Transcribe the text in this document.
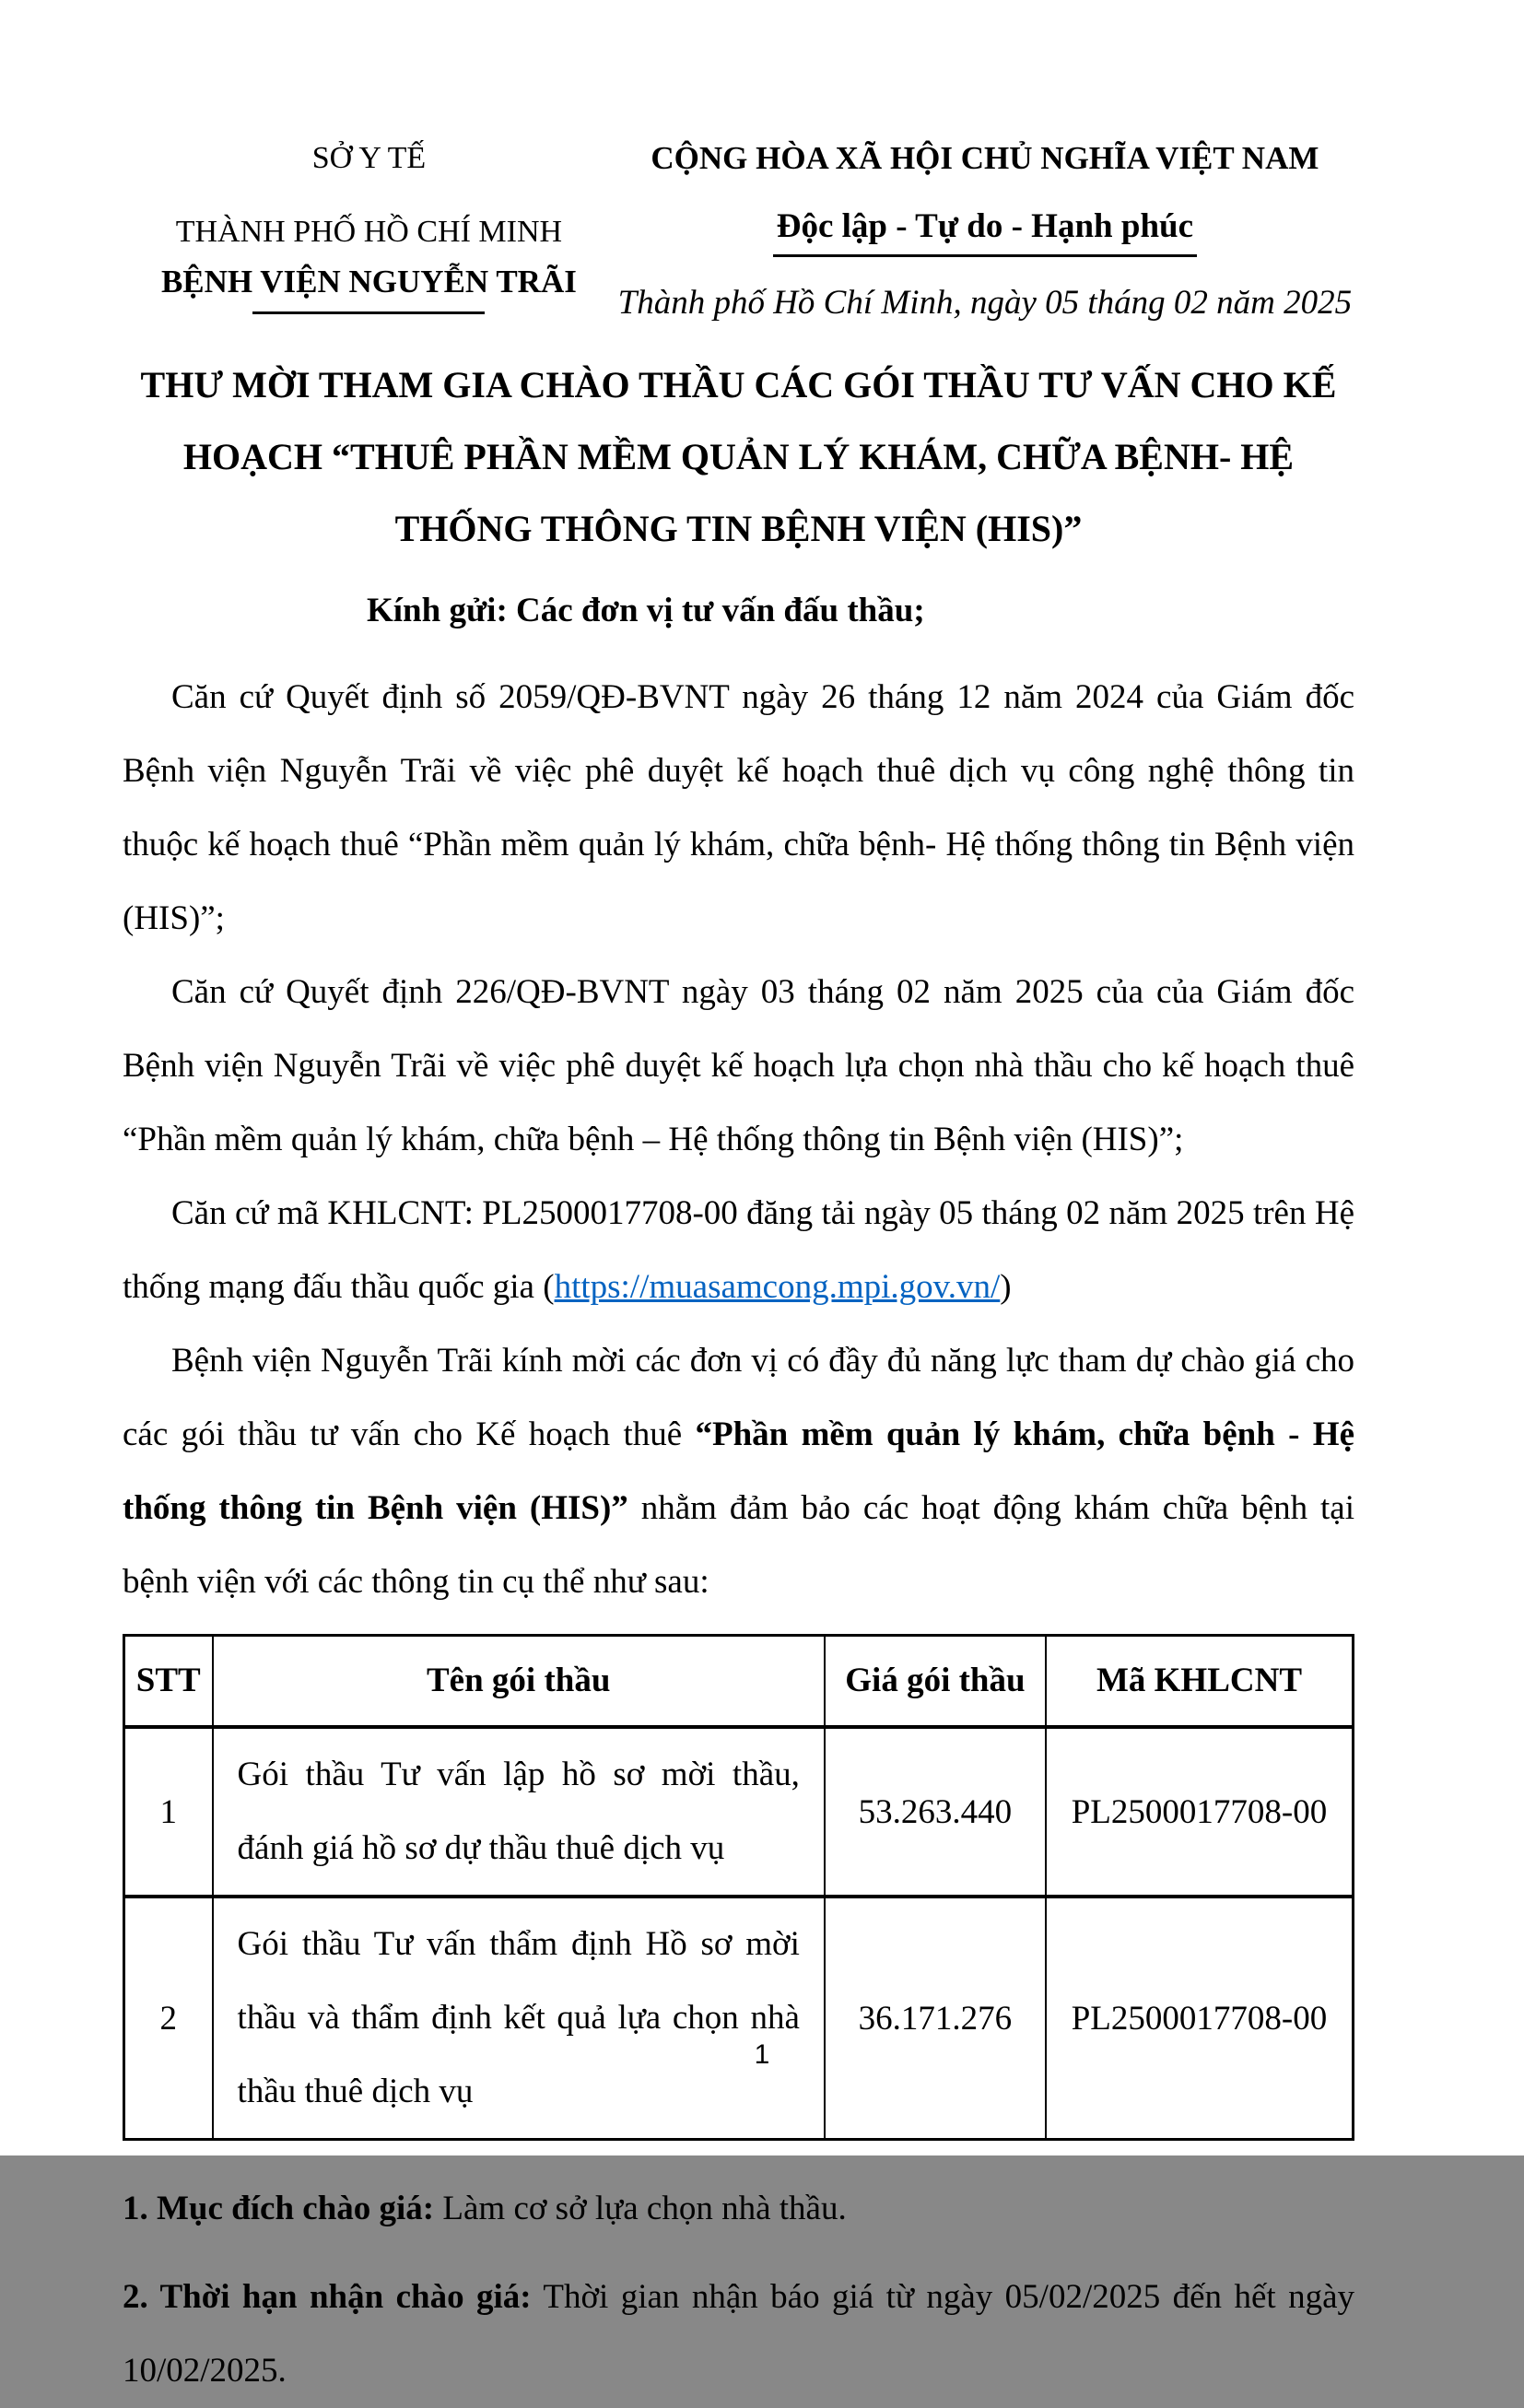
SỞ Y TẾ
THÀNH PHỐ HỒ CHÍ MINH
BỆNH VIỆN NGUYỄN TRÃI
CỘNG HÒA XÃ HỘI CHỦ NGHĨA VIỆT NAM
Độc lập - Tự do - Hạnh phúc
Thành phố Hồ Chí Minh, ngày 05 tháng 02 năm 2025
THƯ MỜI THAM GIA CHÀO THẦU CÁC GÓI THẦU TƯ VẤN CHO KẾ HOẠCH “THUÊ PHẦN MỀM QUẢN LÝ KHÁM, CHỮA BỆNH- HỆ THỐNG THÔNG TIN BỆNH VIỆN (HIS)”
Kính gửi: Các đơn vị tư vấn đấu thầu;

Căn cứ Quyết định số 2059/QĐ-BVNT ngày 26 tháng 12 năm 2024 của Giám đốc Bệnh viện Nguyễn Trãi về việc phê duyệt kế hoạch thuê dịch vụ công nghệ thông tin thuộc kế hoạch thuê “Phần mềm quản lý khám, chữa bệnh- Hệ thống thông tin Bệnh viện (HIS)”;

Căn cứ Quyết định 226/QĐ-BVNT ngày 03 tháng 02 năm 2025 của của Giám đốc Bệnh viện Nguyễn Trãi về việc phê duyệt kế hoạch lựa chọn nhà thầu cho kế hoạch thuê “Phần mềm quản lý khám, chữa bệnh – Hệ thống thông tin Bệnh viện (HIS)”;

Căn cứ mã KHLCNT: PL2500017708-00 đăng tải ngày 05 tháng 02 năm 2025 trên Hệ thống mạng đấu thầu quốc gia (https://muasamcong.mpi.gov.vn/)

Bệnh viện Nguyễn Trãi kính mời các đơn vị có đầy đủ năng lực tham dự chào giá cho các gói thầu tư vấn cho Kế hoạch thuê “Phần mềm quản lý khám, chữa bệnh - Hệ thống thông tin Bệnh viện (HIS)” nhằm đảm bảo các hoạt động khám chữa bệnh tại bệnh viện với các thông tin cụ thể như sau:

STT	Tên gói thầu	Giá gói thầu	Mã KHLCNT
1	Gói thầu Tư vấn lập hồ sơ mời thầu, đánh giá hồ sơ dự thầu thuê dịch vụ	53.263.440	PL2500017708-00
2	Gói thầu Tư vấn thẩm định Hồ sơ mời thầu và thẩm định kết quả lựa chọn nhà thầu thuê dịch vụ	36.171.276	PL2500017708-00

1. Mục đích chào giá: Làm cơ sở lựa chọn nhà thầu.

2. Thời hạn nhận chào giá: Thời gian nhận báo giá từ ngày 05/02/2025 đến hết ngày 10/02/2025.

1
